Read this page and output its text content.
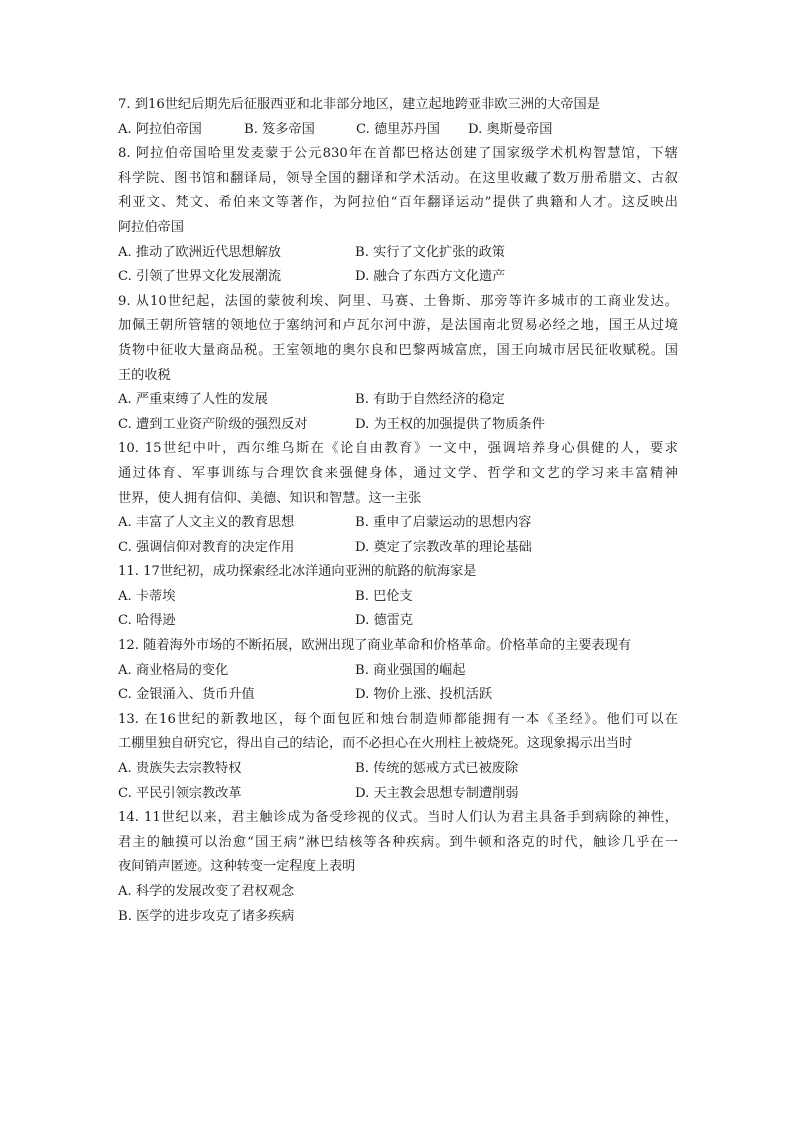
7. 到16世纪后期先后征服西亚和北非部分地区，建立起地跨亚非欧三洲的大帝国是
A. 阿拉伯帝国	B. 笈多帝国	C. 德里苏丹国	D. 奥斯曼帝国
8. 阿拉伯帝国哈里发麦蒙于公元830年在首都巴格达创建了国家级学术机构智慧馆，下辖
科学院、图书馆和翻译局，领导全国的翻译和学术活动。在这里收藏了数万册希腊文、古叙
利亚文、梵文、希伯来文等著作，为阿拉伯“百年翻译运动”提供了典籍和人才。这反映出
阿拉伯帝国
A. 推动了欧洲近代思想解放	B. 实行了文化扩张的政策
C. 引领了世界文化发展潮流	D. 融合了东西方文化遗产
9. 从10世纪起，法国的蒙彼利埃、阿里、马赛、土鲁斯、那旁等许多城市的工商业发达。
加佩王朝所管辖的领地位于塞纳河和卢瓦尔河中游，是法国南北贸易必经之地，国王从过境
货物中征收大量商品税。王室领地的奥尔良和巴黎两城富庶，国王向城市居民征收赋税。国
王的收税
A. 严重束缚了人性的发展	B. 有助于自然经济的稳定
C. 遭到工业资产阶级的强烈反对	D. 为王权的加强提供了物质条件
10. 15世纪中叶，西尔维乌斯在《论自由教育》一文中，强调培养身心俱健的人，要求
通过体育、军事训练与合理饮食来强健身体，通过文学、哲学和文艺的学习来丰富精神
世界，使人拥有信仰、美德、知识和智慧。这一主张
A. 丰富了人文主义的教育思想	B. 重申了启蒙运动的思想内容
C. 强调信仰对教育的决定作用	D. 奠定了宗教改革的理论基础
11. 17世纪初，成功探索经北冰洋通向亚洲的航路的航海家是
A. 卡蒂埃	B. 巴伦支
C. 哈得逊	D. 德雷克
12. 随着海外市场的不断拓展，欧洲出现了商业革命和价格革命。价格革命的主要表现有
A. 商业格局的变化	B. 商业强国的崛起
C. 金银涌入、货币升值	D. 物价上涨、投机活跃
13. 在16世纪的新教地区，每个面包匠和烛台制造师都能拥有一本《圣经》。他们可以在
工棚里独自研究它，得出自己的结论，而不必担心在火刑柱上被烧死。这现象揭示出当时
A. 贵族失去宗教特权	B. 传统的惩戒方式已被废除
C. 平民引领宗教改革	D. 天主教会思想专制遭削弱
14. 11世纪以来，君主触诊成为备受珍视的仪式。当时人们认为君主具备手到病除的神性，
君主的触摸可以治愈“国王病”淋巴结核等各种疾病。到牛顿和洛克的时代，触诊几乎在一
夜间销声匿迹。这种转变一定程度上表明
A. 科学的发展改变了君权观念
B. 医学的进步攻克了诸多疾病
